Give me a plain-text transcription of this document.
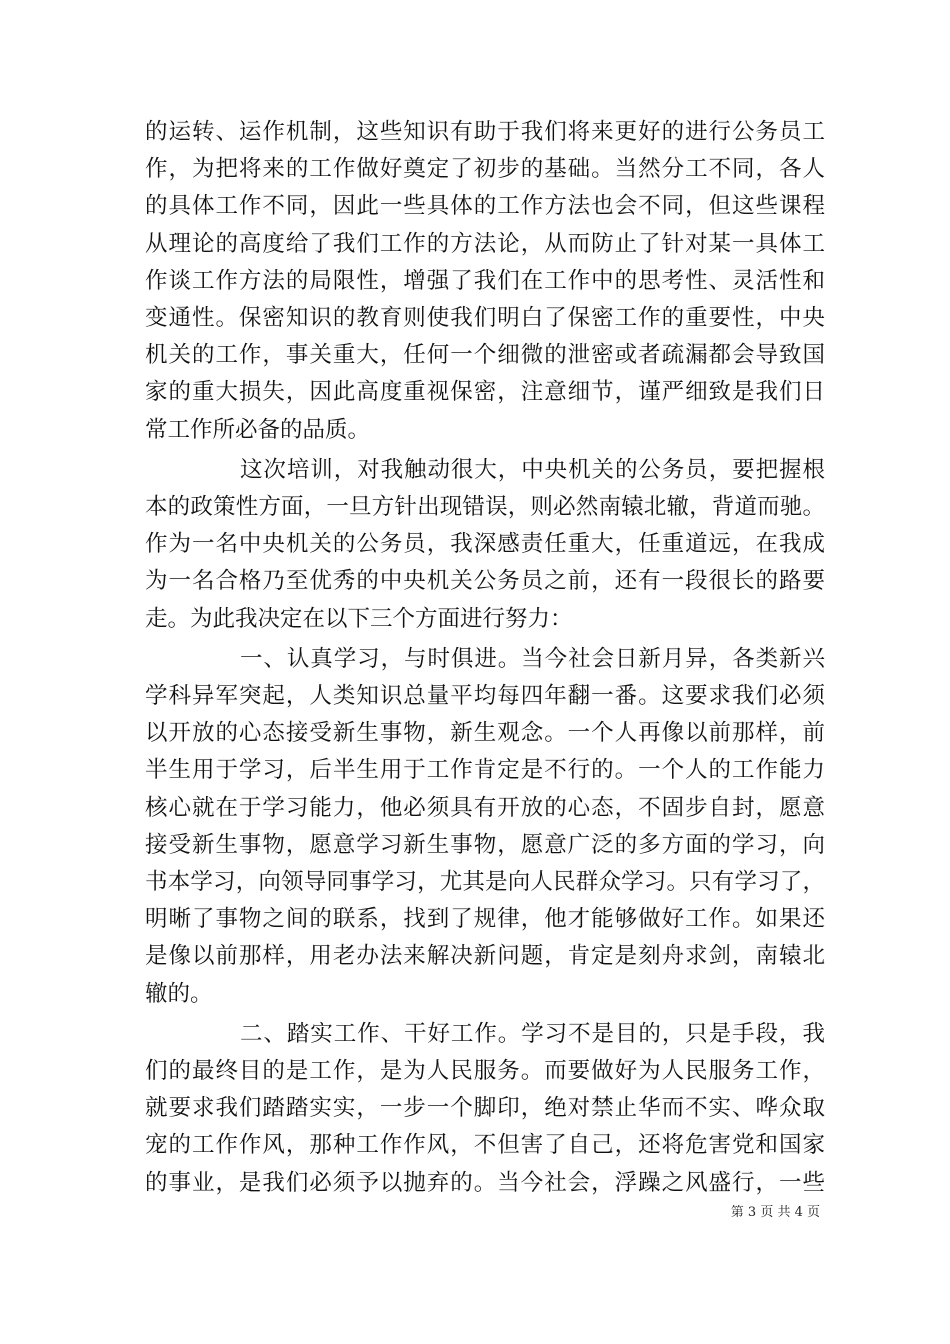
的运转、运作机制，这些知识有助于我们将来更好的进行公务员工
作，为把将来的工作做好奠定了初步的基础。当然分工不同，各人
的具体工作不同，因此一些具体的工作方法也会不同，但这些课程
从理论的高度给了我们工作的方法论，从而防止了针对某一具体工
作谈工作方法的局限性，增强了我们在工作中的思考性、灵活性和
变通性。保密知识的教育则使我们明白了保密工作的重要性，中央
机关的工作，事关重大，任何一个细微的泄密或者疏漏都会导致国
家的重大损失，因此高度重视保密，注意细节，谨严细致是我们日
常工作所必备的品质。
这次培训，对我触动很大，中央机关的公务员，要把握根
本的政策性方面，一旦方针出现错误，则必然南辕北辙，背道而驰。
作为一名中央机关的公务员，我深感责任重大，任重道远，在我成
为一名合格乃至优秀的中央机关公务员之前，还有一段很长的路要
走。为此我决定在以下三个方面进行努力：
一、认真学习，与时俱进。当今社会日新月异，各类新兴
学科异军突起，人类知识总量平均每四年翻一番。这要求我们必须
以开放的心态接受新生事物，新生观念。一个人再像以前那样，前
半生用于学习，后半生用于工作肯定是不行的。一个人的工作能力
核心就在于学习能力，他必须具有开放的心态，不固步自封，愿意
接受新生事物，愿意学习新生事物，愿意广泛的多方面的学习，向
书本学习，向领导同事学习，尤其是向人民群众学习。只有学习了，
明晰了事物之间的联系，找到了规律，他才能够做好工作。如果还
是像以前那样，用老办法来解决新问题，肯定是刻舟求剑，南辕北
辙的。
二、踏实工作、干好工作。学习不是目的，只是手段，我
们的最终目的是工作，是为人民服务。而要做好为人民服务工作，
就要求我们踏踏实实，一步一个脚印，绝对禁止华而不实、哗众取
宠的工作作风，那种工作作风，不但害了自己，还将危害党和国家
的事业，是我们必须予以抛弃的。当今社会，浮躁之风盛行，一些
第 3 页 共 4 页
